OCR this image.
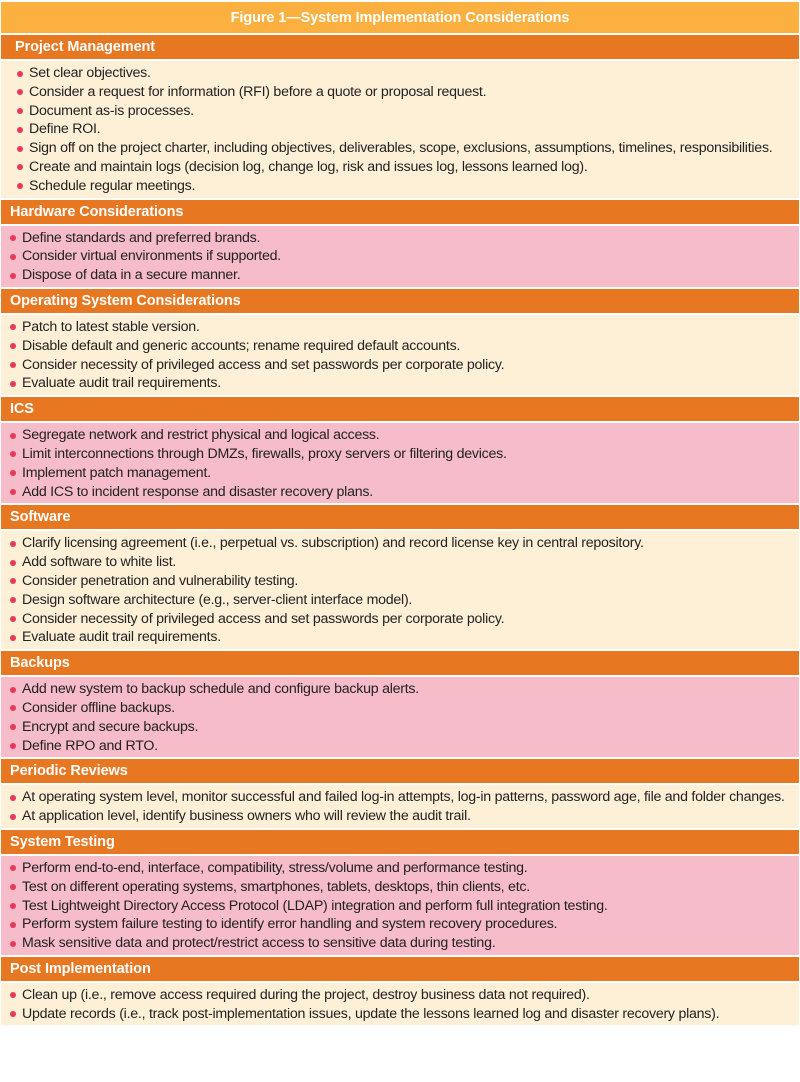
Figure 1—System Implementation Considerations
Project Management
Set clear objectives.
Consider a request for information (RFI) before a quote or proposal request.
Document as-is processes.
Define ROI.
Sign off on the project charter, including objectives, deliverables, scope, exclusions, assumptions, timelines, responsibilities.
Create and maintain logs (decision log, change log, risk and issues log, lessons learned log).
Schedule regular meetings.
Hardware Considerations
Define standards and preferred brands.
Consider virtual environments if supported.
Dispose of data in a secure manner.
Operating System Considerations
Patch to latest stable version.
Disable default and generic accounts; rename required default accounts.
Consider necessity of privileged access and set passwords per corporate policy.
Evaluate audit trail requirements.
ICS
Segregate network and restrict physical and logical access.
Limit interconnections through DMZs, firewalls, proxy servers or filtering devices.
Implement patch management.
Add ICS to incident response and disaster recovery plans.
Software
Clarify licensing agreement (i.e., perpetual vs. subscription) and record license key in central repository.
Add software to white list.
Consider penetration and vulnerability testing.
Design software architecture (e.g., server-client interface model).
Consider necessity of privileged access and set passwords per corporate policy.
Evaluate audit trail requirements.
Backups
Add new system to backup schedule and configure backup alerts.
Consider offline backups.
Encrypt and secure backups.
Define RPO and RTO.
Periodic Reviews
At operating system level, monitor successful and failed log-in attempts, log-in patterns, password age, file and folder changes.
At application level, identify business owners who will review the audit trail.
System Testing
Perform end-to-end, interface, compatibility, stress/volume and performance testing.
Test on different operating systems, smartphones, tablets, desktops, thin clients, etc.
Test Lightweight Directory Access Protocol (LDAP) integration and perform full integration testing.
Perform system failure testing to identify error handling and system recovery procedures.
Mask sensitive data and protect/restrict access to sensitive data during testing.
Post Implementation
Clean up (i.e., remove access required during the project, destroy business data not required).
Update records (i.e., track post-implementation issues, update the lessons learned log and disaster recovery plans).
